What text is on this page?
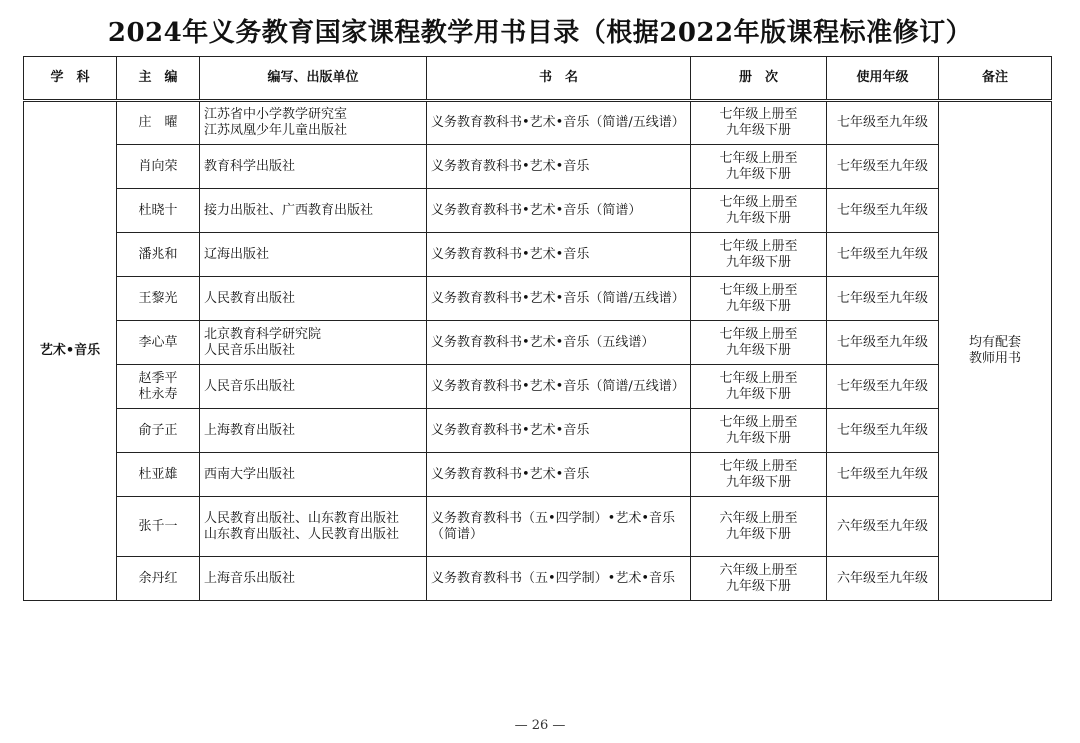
2024年义务教育国家课程教学用书目录（根据2022年版课程标准修订）
学　科	主　编	编写、出版单位	书　名	册　次	使用年级	备注
艺术•音乐	庄　曜	江苏省中小学教学研究室
江苏凤凰少年儿童出版社	义务教育教科书•艺术•音乐（简谱/五线谱）	七年级上册至
九年级下册	七年级至九年级	均有配套
教师用书
	肖向荣	教育科学出版社	义务教育教科书•艺术•音乐	七年级上册至
九年级下册	七年级至九年级	
	杜晓十	接力出版社、广西教育出版社	义务教育教科书•艺术•音乐（简谱）	七年级上册至
九年级下册	七年级至九年级	
	潘兆和	辽海出版社	义务教育教科书•艺术•音乐	七年级上册至
九年级下册	七年级至九年级	
	王黎光	人民教育出版社	义务教育教科书•艺术•音乐（简谱/五线谱）	七年级上册至
九年级下册	七年级至九年级	
	李心草	北京教育科学研究院
人民音乐出版社	义务教育教科书•艺术•音乐（五线谱）	七年级上册至
九年级下册	七年级至九年级	
	赵季平
杜永寿	人民音乐出版社	义务教育教科书•艺术•音乐（简谱/五线谱）	七年级上册至
九年级下册	七年级至九年级	
	俞子正	上海教育出版社	义务教育教科书•艺术•音乐	七年级上册至
九年级下册	七年级至九年级	
	杜亚雄	西南大学出版社	义务教育教科书•艺术•音乐	七年级上册至
九年级下册	七年级至九年级	
	张千一	人民教育出版社、山东教育出版社
山东教育出版社、人民教育出版社	义务教育教科书（五•四学制）•艺术•音乐（简谱）	六年级上册至
九年级下册	六年级至九年级	
	余丹红	上海音乐出版社	义务教育教科书（五•四学制）•艺术•音乐	六年级上册至
九年级下册	六年级至九年级	
— 26 —
